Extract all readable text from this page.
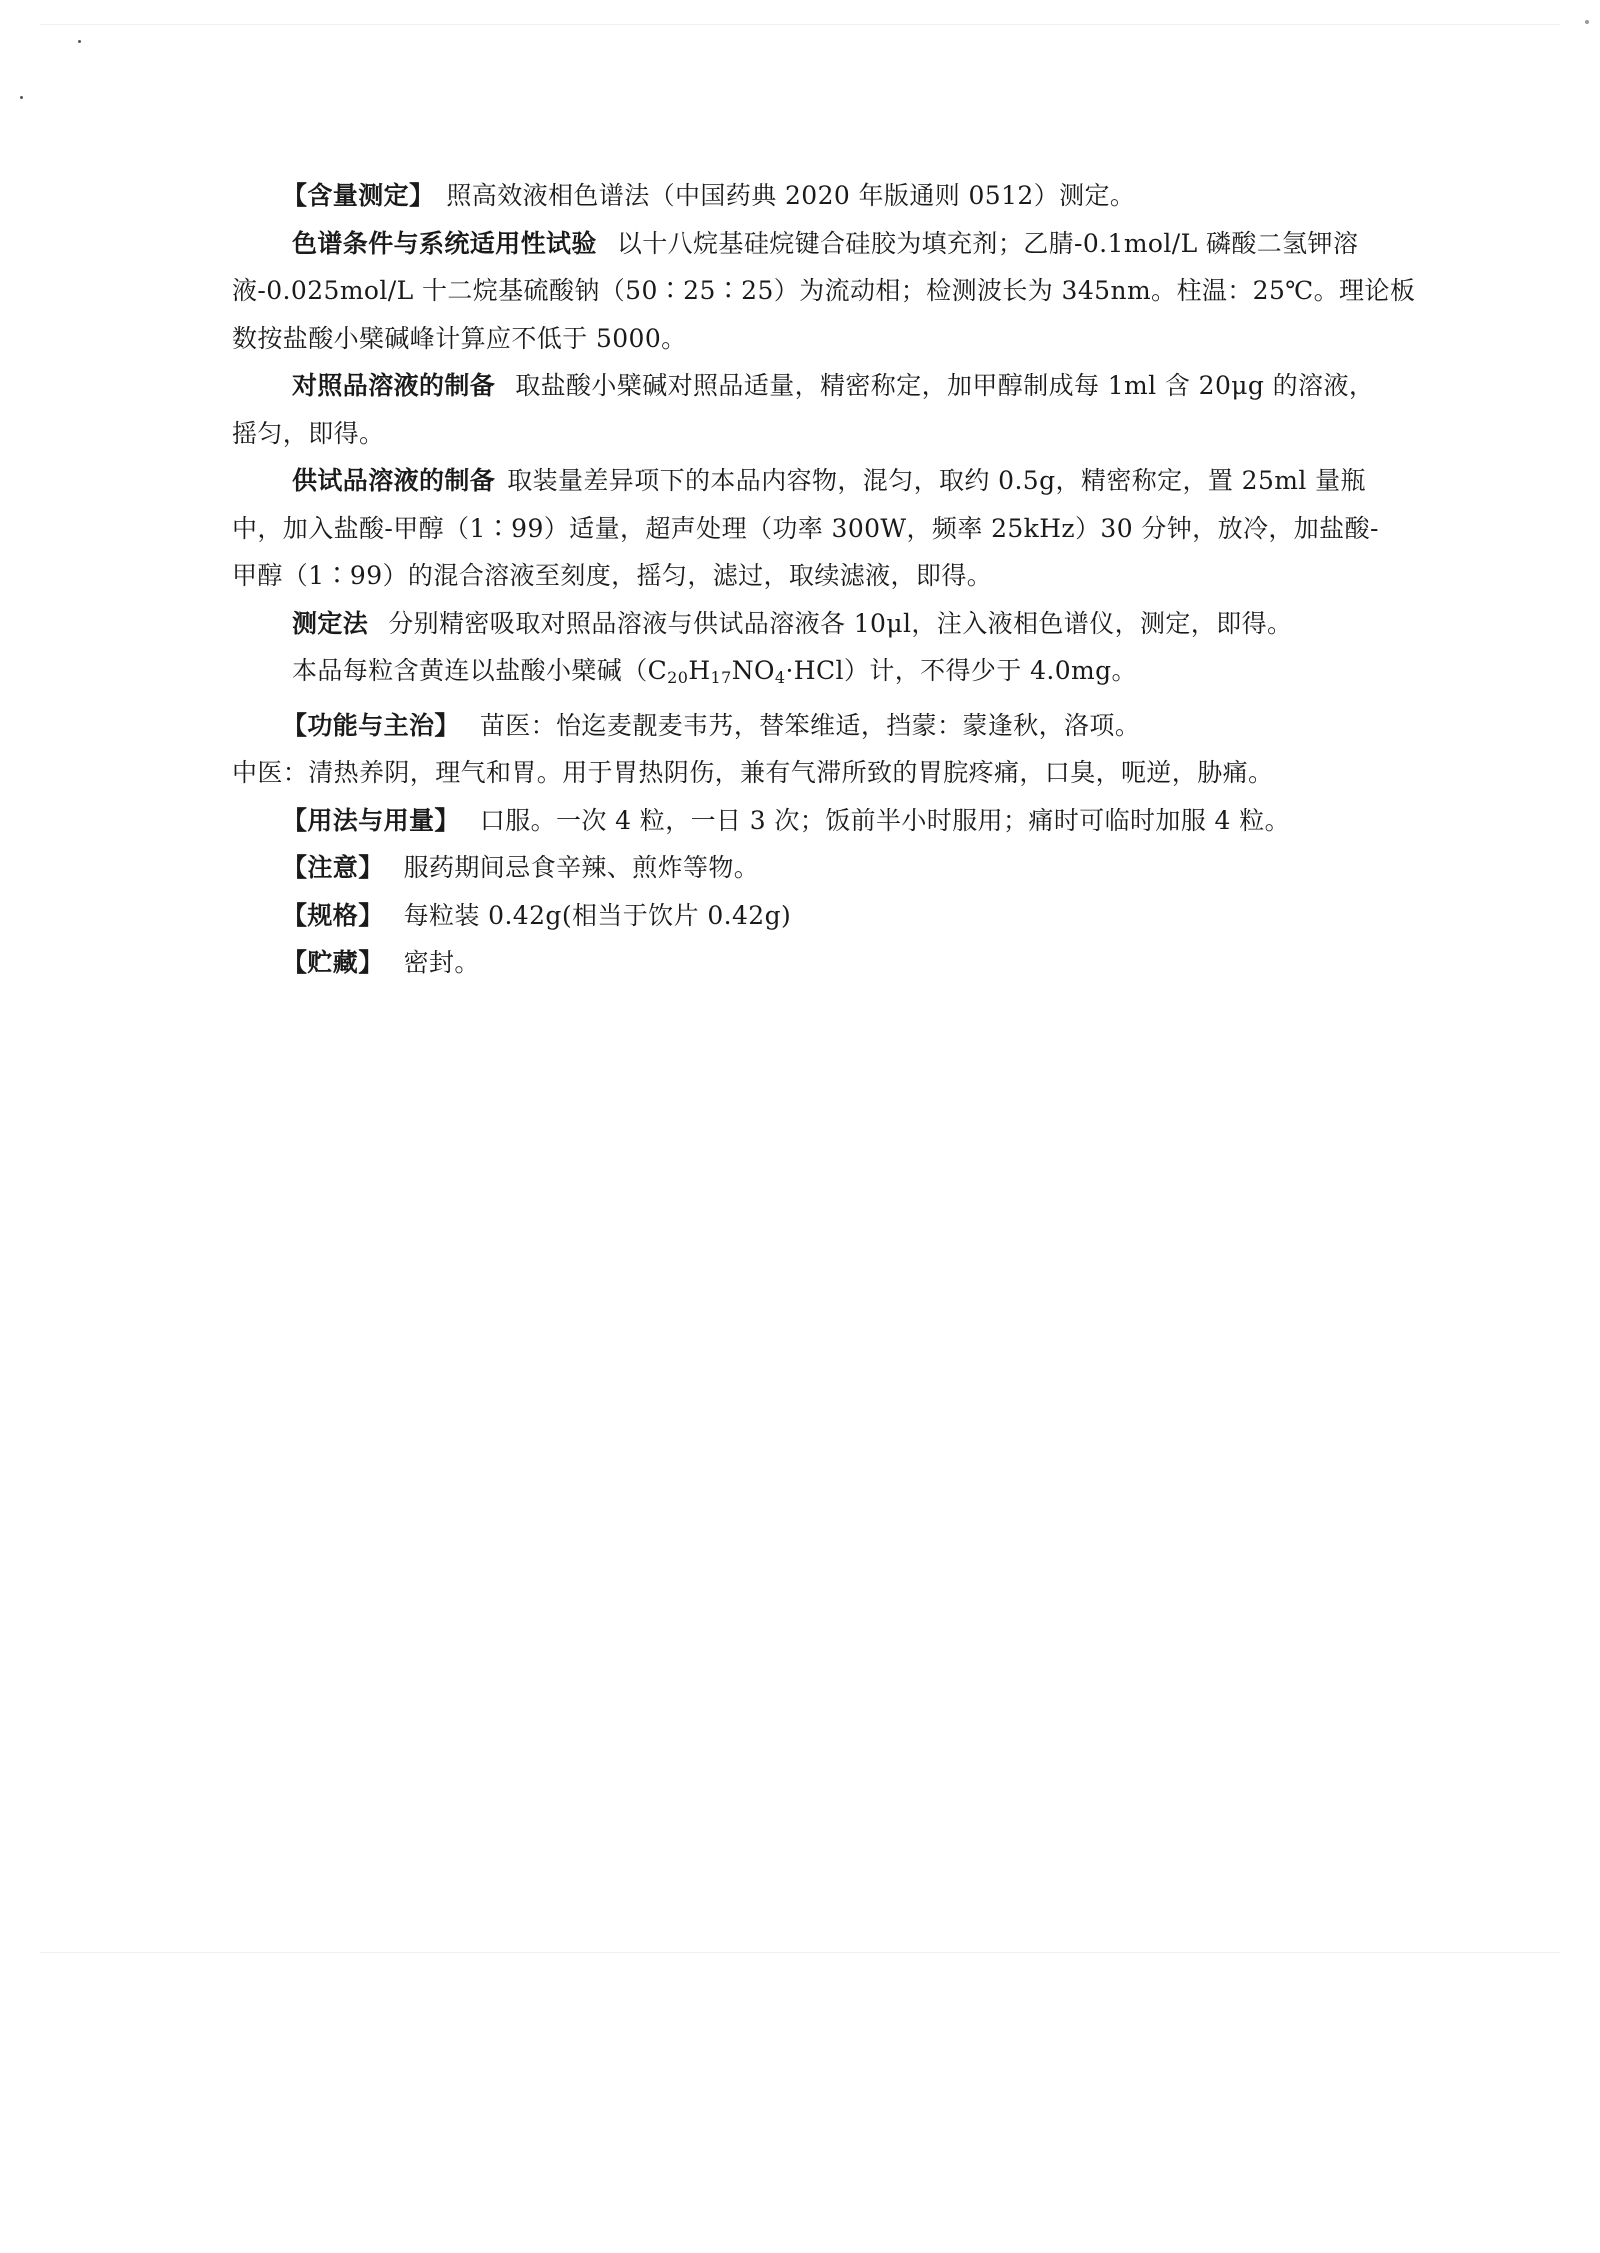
【含量测定】 照高效液相色谱法（中国药典 2020 年版通则 0512）测定。

色谱条件与系统适用性试验 以十八烷基硅烷键合硅胶为填充剂；乙腈-0.1mol/L 磷酸二氢钾溶
液-0.025mol/L 十二烷基硫酸钠（50∶25∶25）为流动相；检测波长为 345nm。柱温：25℃。理论板
数按盐酸小檗碱峰计算应不低于 5000。

对照品溶液的制备 取盐酸小檗碱对照品适量，精密称定，加甲醇制成每 1ml 含 20μg 的溶液，
摇匀，即得。

供试品溶液的制备 取装量差异项下的本品内容物，混匀，取约 0.5g，精密称定，置 25ml 量瓶
中，加入盐酸-甲醇（1∶99）适量，超声处理（功率 300W，频率 25kHz）30 分钟，放冷，加盐酸-
甲醇（1∶99）的混合溶液至刻度，摇匀，滤过，取续滤液，即得。

测定法 分别精密吸取对照品溶液与供试品溶液各 10μl，注入液相色谱仪，测定，即得。

本品每粒含黄连以盐酸小檗碱$(C_{20}H_{17}NO_4\cdot HCl)$计，不得少于 4.0mg。

【功能与主治】 苗医：怡迄麦靓麦韦艿，替笨维适，挡蒙：蒙逢秋，洛项。

中医：清热养阴，理气和胃。用于胃热阴伤，兼有气滞所致的胃脘疼痛，口臭，呃逆，胁痛。

【用法与用量】 口服。一次 4 粒，一日 3 次；饭前半小时服用；痛时可临时加服 4 粒。

【注意】 服药期间忌食辛辣、煎炸等物。

【规格】 每粒装 0.42g(相当于饮片 0.42g)

【贮藏】 密封。
